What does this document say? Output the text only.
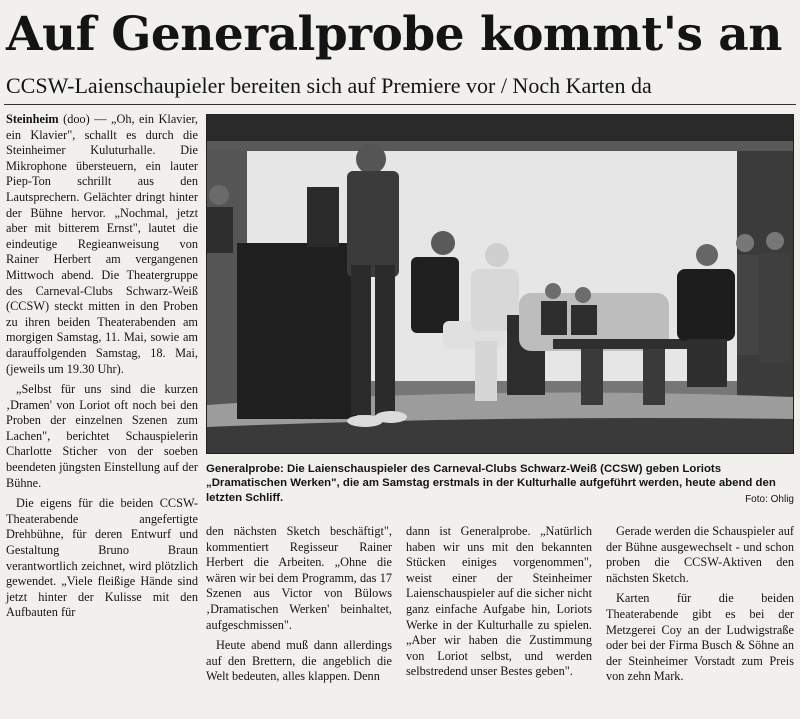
Auf Generalprobe kommt's an
CCSW-Laienschaupieler bereiten sich auf Premiere vor / Noch Karten da

Steinheim (doo) — „Oh, ein Klavier, ein Klavier", schallt es durch die Steinheimer Kuluturhalle. Die Mikrophone übersteuern, ein lauter Piep-Ton schrillt aus den Lautsprechern. Gelächter dringt hinter der Bühne hervor. „Nochmal, jetzt aber mit bitterem Ernst", lautet die eindeutige Regieanweisung von Rainer Herbert am vergangenen Mittwoch abend. Die Theatergruppe des Carneval-Clubs Schwarz-Weiß (CCSW) steckt mitten in den Proben zu ihren beiden Theaterabenden am morgigen Samstag, 11. Mai, sowie am darauffolgenden Samstag, 18. Mai, (jeweils um 19.30 Uhr).

„Selbst für uns sind die kurzen ‚Dramen' von Loriot oft noch bei den Proben der einzelnen Szenen zum Lachen", berichtet Schauspielerin Charlotte Sticher von der soeben beendeten jüngsten Einstellung auf der Bühne.

Die eigens für die beiden CCSW-Theaterabende angefertigte Drehbühne, für deren Entwurf und Gestaltung Bruno Braun verantwortlich zeichnet, wird plötzlich gewendet. „Viele fleißige Hände sind jetzt hinter der Kulisse mit den Aufbauten für

Generalprobe: Die Laienschauspieler des Carneval-Clubs Schwarz-Weiß (CCSW) geben Loriots „Dramatischen Werken", die am Samstag erstmals in der Kulturhalle aufgeführt werden, heute abend den letzten Schliff.	Foto: Ohlig

den nächsten Sketch beschäftigt", kommentiert Regisseur Rainer Herbert die Arbeiten. „Ohne die wären wir bei dem Programm, das 17 Szenen aus Victor von Bülows ‚Dramatischen Werken' beinhaltet, aufgeschmissen".

Heute abend muß dann allerdings auf den Brettern, die angeblich die Welt bedeuten, alles klappen. Denn

dann ist Generalprobe. „Natürlich haben wir uns mit den bekannten Stücken einiges vorgenommen", weist einer der Steinheimer Laienschauspieler auf die sicher nicht ganz einfache Aufgabe hin, Loriots Werke in der Kulturhalle zu spielen. „Aber wir haben die Zustimmung von Loriot selbst, und werden selbstredend unser Bestes geben".

Gerade werden die Schauspieler auf der Bühne ausgewechselt - und schon proben die CCSW-Aktiven den nächsten Sketch.

Karten für die beiden Theaterabende gibt es bei der Metzgerei Coy an der Ludwigstraße oder bei der Firma Busch & Söhne an der Steinheimer Vorstadt zum Preis von zehn Mark.
